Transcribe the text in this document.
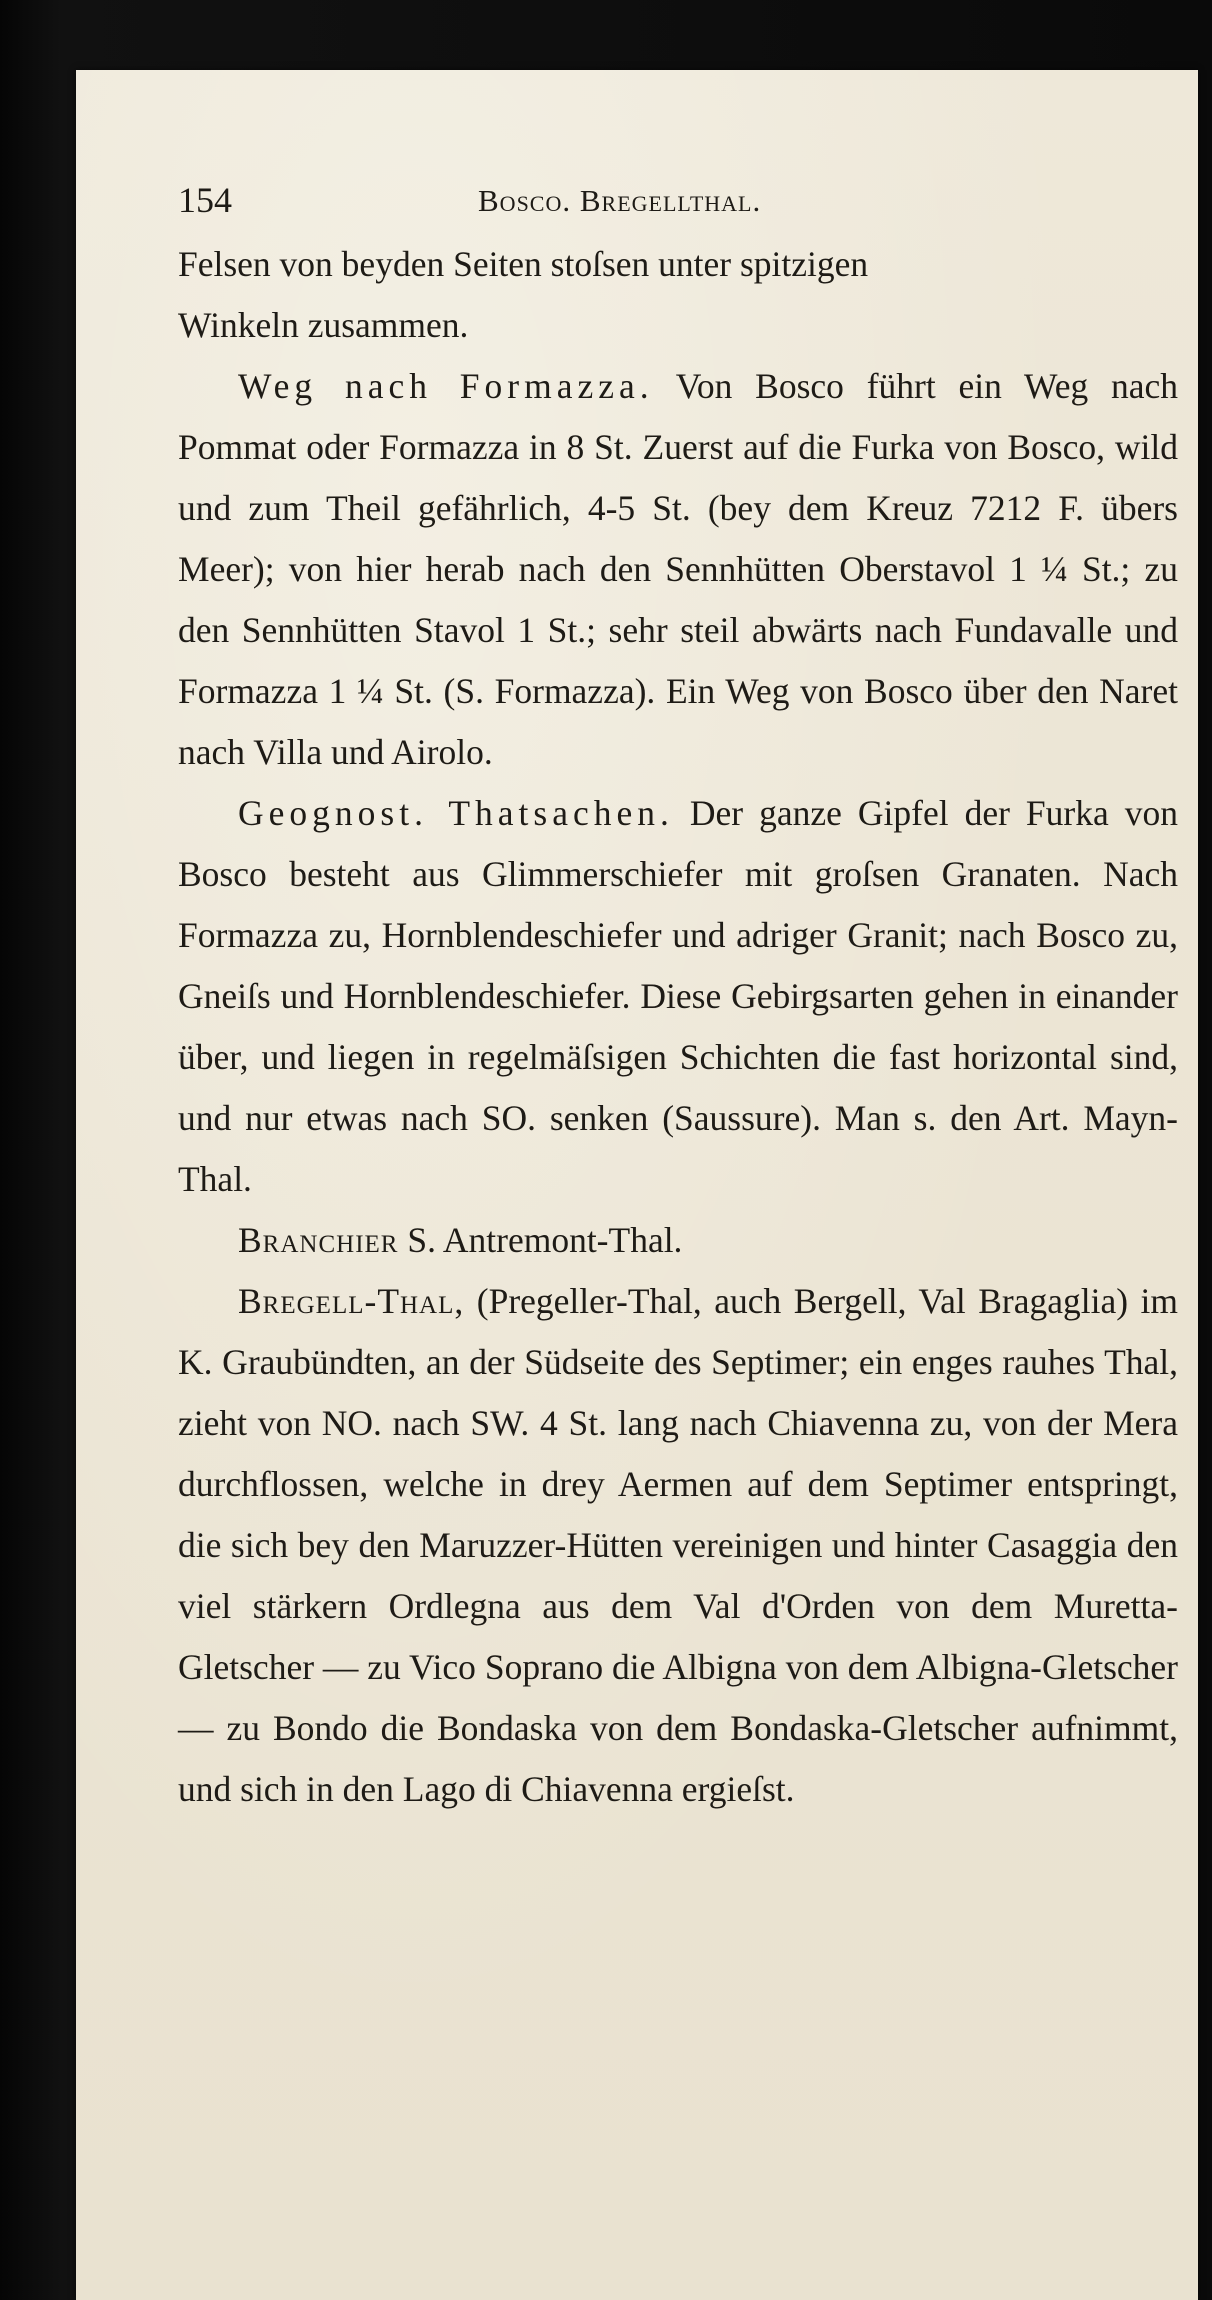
154	Bosco. Bregellthal.

Felsen von beyden Seiten stoſsen unter spitzigen
Winkeln zusammen.

Weg nach Formazza. Von Bosco führt ein Weg nach Pommat oder Formazza in 8 St. Zuerst auf die Furka von Bosco, wild und zum Theil gefährlich, 4-5 St. (bey dem Kreuz 7212 F. übers Meer); von hier herab nach den Sennhütten Oberstavol 1 ¼ St.; zu den Sennhütten Stavol 1 St.; sehr steil abwärts nach Fundavalle und Formazza 1 ¼ St. (S. Formazza). Ein Weg von Bosco über den Naret nach Villa und Airolo.

Geognost. Thatsachen. Der ganze Gipfel der Furka von Bosco besteht aus Glimmerschiefer mit groſsen Granaten. Nach Formazza zu, Hornblendeschiefer und adriger Granit; nach Bosco zu, Gneiſs und Hornblendeschiefer. Diese Gebirgsarten gehen in einander über, und liegen in regelmäſsigen Schichten die fast horizontal sind, und nur etwas nach SO. senken (Saussure). Man s. den Art. Mayn-Thal.

Branchier S. Antremont-Thal.

Bregell-Thal, (Pregeller-Thal, auch Bergell, Val Bragaglia) im K. Graubündten, an der Südseite des Septimer; ein enges rauhes Thal, zieht von NO. nach SW. 4 St. lang nach Chiavenna zu, von der Mera durchflossen, welche in drey Aermen auf dem Septimer entspringt, die sich bey den Maruzzer-Hütten vereinigen und hinter Casaggia den viel stärkern Ordlegna aus dem Val d'Orden von dem Muretta-Gletscher — zu Vico Soprano die Albigna von dem Albigna-Gletscher — zu Bondo die Bondaska von dem Bondaska-Gletscher aufnimmt, und sich in den Lago di Chiavenna ergieſst.
